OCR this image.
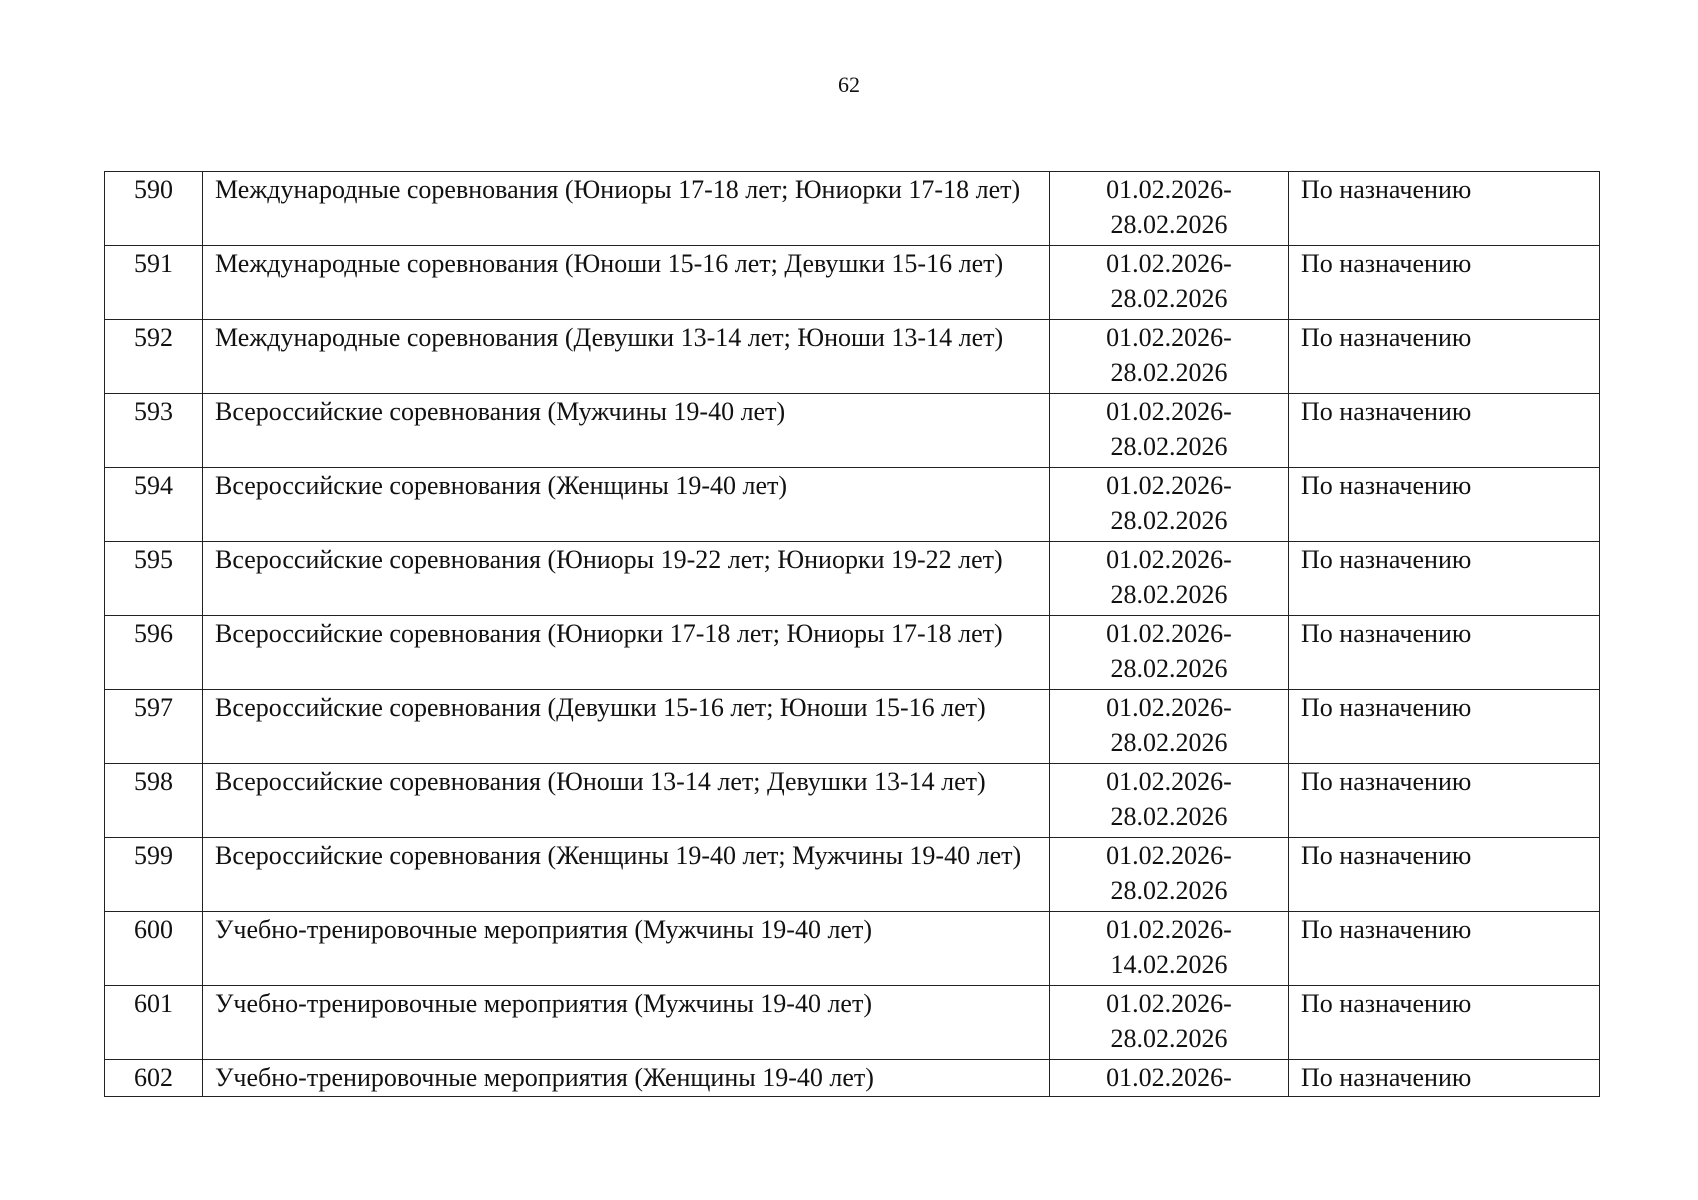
62
590	Международные соревнования (Юниоры 17-18 лет; Юниорки 17-18 лет)	01.02.2026-
28.02.2026	По назначению
591	Международные соревнования (Юноши 15-16 лет; Девушки 15-16 лет)	01.02.2026-
28.02.2026	По назначению
592	Международные соревнования (Девушки 13-14 лет; Юноши 13-14 лет)	01.02.2026-
28.02.2026	По назначению
593	Всероссийские соревнования (Мужчины 19-40 лет)	01.02.2026-
28.02.2026	По назначению
594	Всероссийские соревнования (Женщины 19-40 лет)	01.02.2026-
28.02.2026	По назначению
595	Всероссийские соревнования (Юниоры 19-22 лет; Юниорки 19-22 лет)	01.02.2026-
28.02.2026	По назначению
596	Всероссийские соревнования (Юниорки 17-18 лет; Юниоры 17-18 лет)	01.02.2026-
28.02.2026	По назначению
597	Всероссийские соревнования (Девушки 15-16 лет; Юноши 15-16 лет)	01.02.2026-
28.02.2026	По назначению
598	Всероссийские соревнования (Юноши 13-14 лет; Девушки 13-14 лет)	01.02.2026-
28.02.2026	По назначению
599	Всероссийские соревнования (Женщины 19-40 лет; Мужчины 19-40 лет)	01.02.2026-
28.02.2026	По назначению
600	Учебно-тренировочные мероприятия (Мужчины 19-40 лет)	01.02.2026-
14.02.2026	По назначению
601	Учебно-тренировочные мероприятия (Мужчины 19-40 лет)	01.02.2026-
28.02.2026	По назначению
602	Учебно-тренировочные мероприятия (Женщины 19-40 лет)	01.02.2026-	По назначению
